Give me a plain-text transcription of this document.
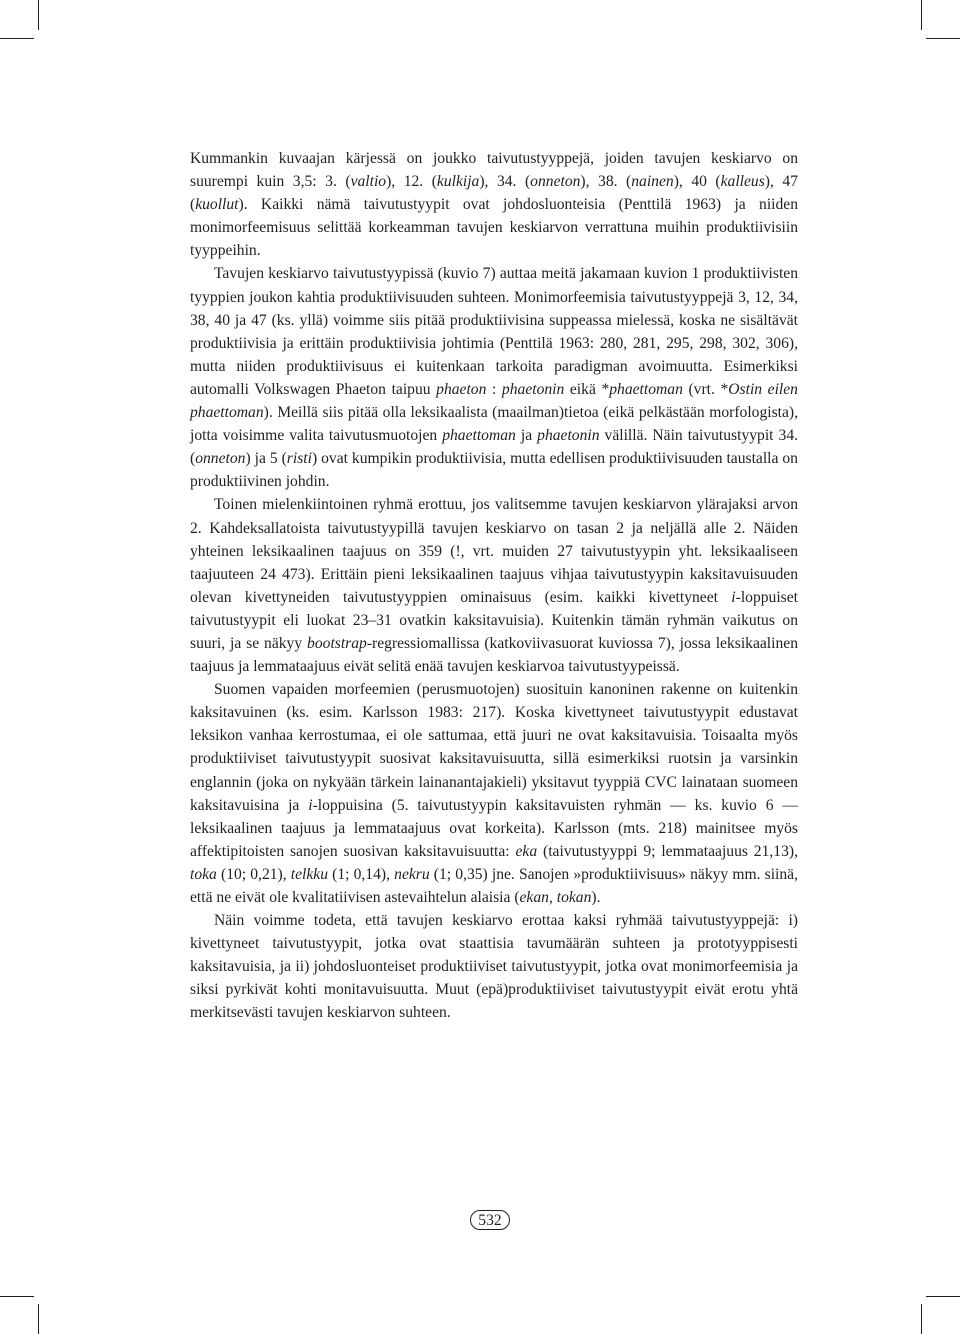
Kummankin kuvaajan kärjessä on joukko taivutustyyppejä, joiden tavujen keskiarvo on suurempi kuin 3,5: 3. (valtio), 12. (kulkija), 34. (onneton), 38. (nainen), 40 (kalleus), 47 (kuollut). Kaikki nämä taivutustyypit ovat johdosluonteisia (Penttilä 1963) ja niiden monimorfeemisuus selittää korkeamman tavujen keskiarvon verrattuna muihin produktiivisiin tyyppeihin.

Tavujen keskiarvo taivutustyypissä (kuvio 7) auttaa meitä jakamaan kuvion 1 produktiivisten tyyppien joukon kahtia produktiivisuuden suhteen. Monimorfeemisia taivutustyyppejä 3, 12, 34, 38, 40 ja 47 (ks. yllä) voimme siis pitää produktiivisina suppeassa mielessä, koska ne sisältävät produktiivisia ja erittäin produktiivisia johtimia (Penttilä 1963: 280, 281, 295, 298, 302, 306), mutta niiden produktiivisuus ei kuitenkaan tarkoita paradigman avoimuutta. Esimerkiksi automalli Volkswagen Phaeton taipuu phaeton : phaetonin eikä *phaettoman (vrt. *Ostin eilen phaettoman). Meillä siis pitää olla leksikaalista (maailman)tietoa (eikä pelkästään morfologista), jotta voisimme valita taivutusmuotojen phaettoman ja phaetonin välillä. Näin taivutustyypit 34. (onneton) ja 5 (risti) ovat kumpikin produktiivisia, mutta edellisen produktiivisuuden taustalla on produktiivinen johdin.

Toinen mielenkiintoinen ryhmä erottuu, jos valitsemme tavujen keskiarvon ylärajaksi arvon 2. Kahdeksallatoista taivutustyypillä tavujen keskiarvo on tasan 2 ja neljällä alle 2. Näiden yhteinen leksikaalinen taajuus on 359 (!, vrt. muiden 27 taivutustyypin yht. leksikaaliseen taajuuteen 24 473). Erittäin pieni leksikaalinen taajuus vihjaa taivutustyypin kaksitavuisuuden olevan kivettyneiden taivutustyyppien ominaisuus (esim. kaikki kivettyneet i-loppuiset taivutustyypit eli luokat 23–31 ovatkin kaksitavuisia). Kuitenkin tämän ryhmän vaikutus on suuri, ja se näkyy bootstrap-regressiomallissa (katkoviivasuorat kuviossa 7), jossa leksikaalinen taajuus ja lemmataajuus eivät selitä enää tavujen keskiarvoa taivutustyypeissä.

Suomen vapaiden morfeemien (perusmuotojen) suosituin kanoninen rakenne on kuitenkin kaksitavuinen (ks. esim. Karlsson 1983: 217). Koska kivettyneet taivutustyypit edustavat leksikon vanhaa kerrostumaa, ei ole sattumaa, että juuri ne ovat kaksitavuisia. Toisaalta myös produktiiviset taivutustyypit suosivat kaksitavuisuutta, sillä esimerkiksi ruotsin ja varsinkin englannin (joka on nykyään tärkein lainanantajakieli) yksitavut tyyppiä CVC lainataan suomeen kaksitavuisina ja i-loppuisina (5. taivutustyypin kaksitavuisten ryhmän — ks. kuvio 6 — leksikaalinen taajuus ja lemmataajuus ovat korkeita). Karlsson (mts. 218) mainitsee myös affektipitoisten sanojen suosivan kaksitavuisuutta: eka (taivutustyyppi 9; lemmataajuus 21,13), toka (10; 0,21), telkku (1; 0,14), nekru (1; 0,35) jne. Sanojen »produktiivisuus» näkyy mm. siinä, että ne eivät ole kvalitatiivisen astevaihtelun alaisia (ekan, tokan).

Näin voimme todeta, että tavujen keskiarvo erottaa kaksi ryhmää taivutustyyppejä: i) kivettyneet taivutustyypit, jotka ovat staattisia tavumäärän suhteen ja prototyyppisesti kaksitavuisia, ja ii) johdosluonteiset produktiiviset taivutustyypit, jotka ovat monimorfeemisia ja siksi pyrkivät kohti monitavuisuutta. Muut (epä)produktiiviset taivutustyypit eivät erotu yhtä merkitsevästi tavujen keskiarvon suhteen.

532
